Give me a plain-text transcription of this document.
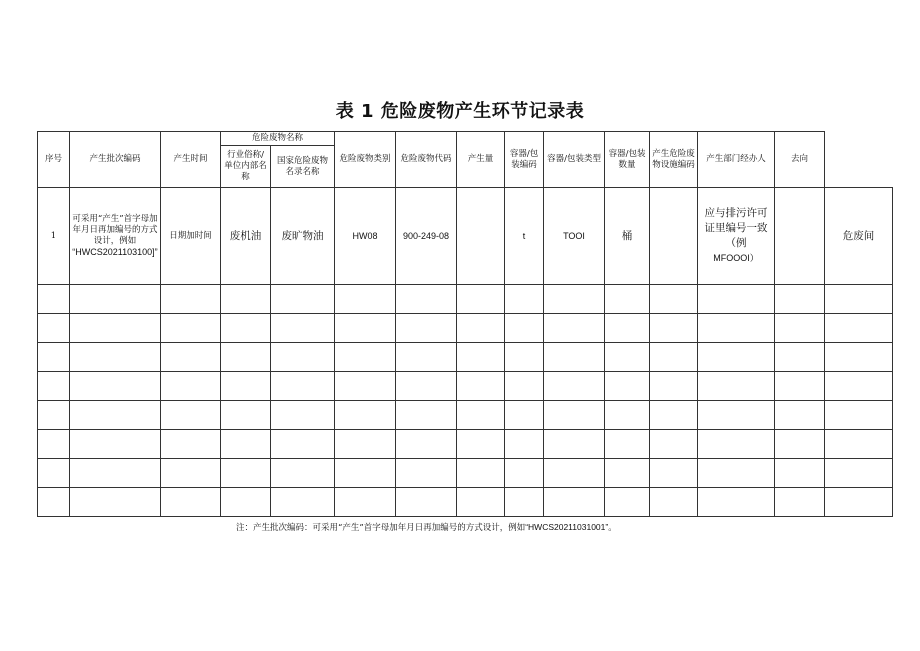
表 1 危险废物产生环节记录表
序号	产生批次编码	产生时间	危险废物名称		危险废物类别	危险废物代码	产生量	容器/包装编码	容器/包装类型	容器/包装数量	产生危险废物设施编码	产生部门经办人	去向	
			行业俗称/单位内部名称	国家危险废物名录名称										
1	可采用“产生”首字母加年月日再加编号的方式设计，例如
“HWCS2021103100]”	日期加时间	废机油	废旷物油	HW08	900-249-08		t	TOOI	桶		应与排污许可证里编号一致（例
MFOOOI）		危废间

注：产生批次编码：可采用“产生”首字母加年月日再加编号的方式设计，例如“HWCS20211031001”。
